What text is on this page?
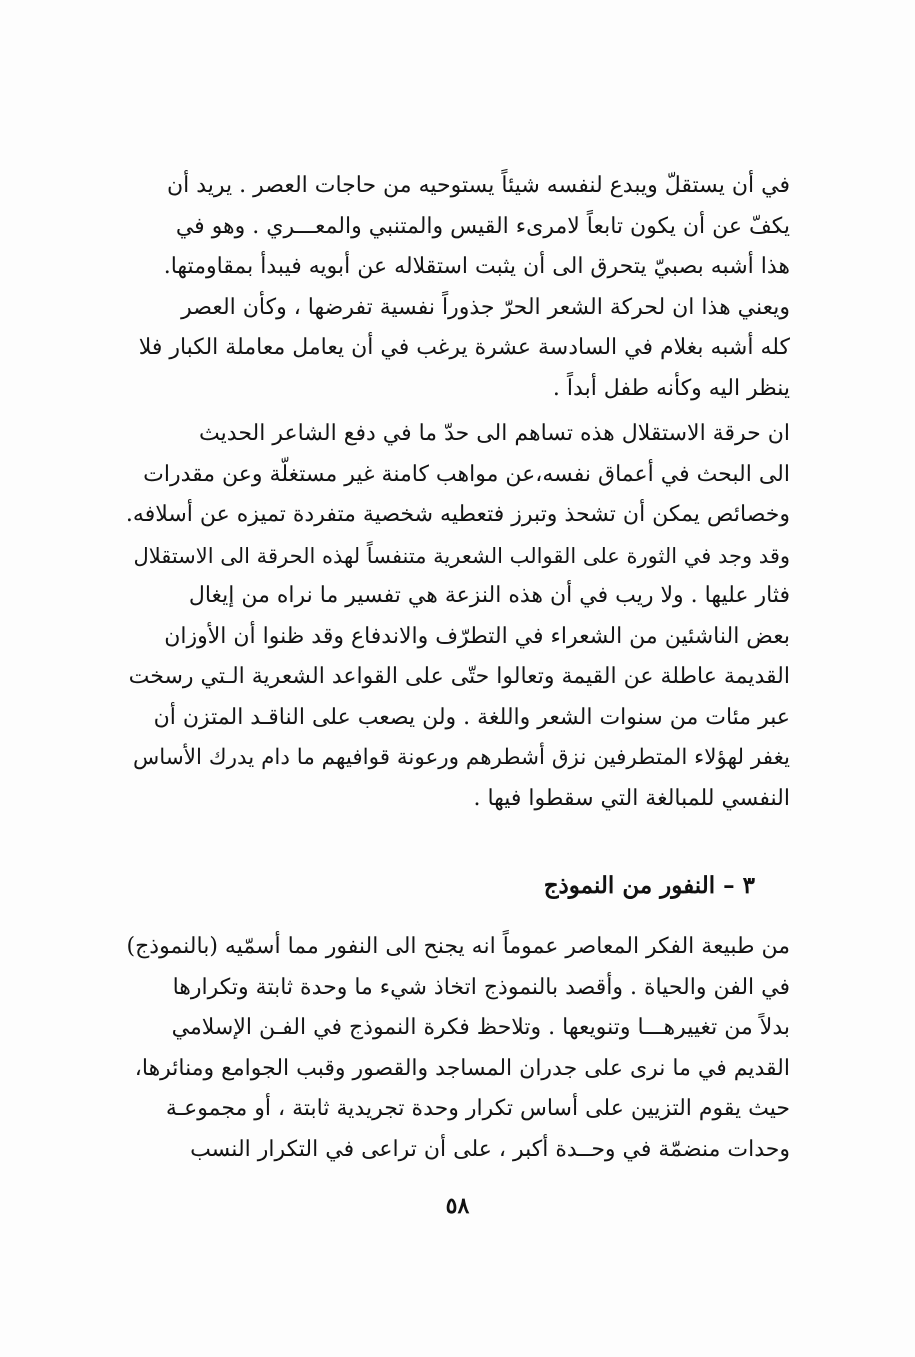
في أن يستقلّ ويبدع لنفسه شيئاً يستوحيه من حاجات العصر . يريد أن
يكفّ عن أن يكون تابعاً لامرىء القيس والمتنبي والمعـــري . وهو في
هذا أشبه بصبيّ يتحرق الى أن يثبت استقلاله عن أبويه فيبدأ بمقاومتها.
ويعني هذا ان لحركة الشعر الحرّ جذوراً نفسية تفرضها ، وكأن العصر
كله أشبه بغلام في السادسة عشرة يرغب في أن يعامل معاملة الكبار فلا
ينظر اليه وكأنه طفل أبداً .
ان حرقة الاستقلال هذه تساهم الى حدّ ما في دفع الشاعر الحديث
الى البحث في أعماق نفسه،عن مواهب كامنة غير مستغلّة وعن مقدرات
وخصائص يمكن أن تشحذ وتبرز فتعطيه شخصية متفردة تميزه عن أسلافه.
وقد وجد في الثورة على القوالب الشعرية متنفساً لهذه الحرقة الى الاستقلال
فثار عليها . ولا ريب في أن هذه النزعة هي تفسير ما نراه من إيغال
بعض الناشئين من الشعراء في التطرّف والاندفاع وقد ظنوا أن الأوزان
القديمة عاطلة عن القيمة وتعالوا حتّى على القواعد الشعرية الـتي رسخت
عبر مئات من سنوات الشعر واللغة . ولن يصعب على الناقـد المتزن أن
يغفر لهؤلاء المتطرفين نزق أشطرهم ورعونة قوافيهم ما دام يدرك الأساس
النفسي للمبالغة التي سقطوا فيها .
٣ – النفور من النموذج
من طبيعة الفكر المعاصر عموماً انه يجنح الى النفور مما أسمّيه (بالنموذج)
في الفن والحياة . وأقصد بالنموذج اتخاذ شيء ما وحدة ثابتة وتكرارها
بدلاً من تغييرهـــا وتنويعها . وتلاحظ فكرة النموذج في الفـن الإسلامي
القديم في ما نرى على جدران المساجد والقصور وقبب الجوامع ومنائرها،
حيث يقوم التزيين على أساس تكرار وحدة تجريدية ثابتة ، أو مجموعـة
وحدات منضمّة في وحــدة أكبر ، على أن تراعى في التكرار النسب
٥٨
